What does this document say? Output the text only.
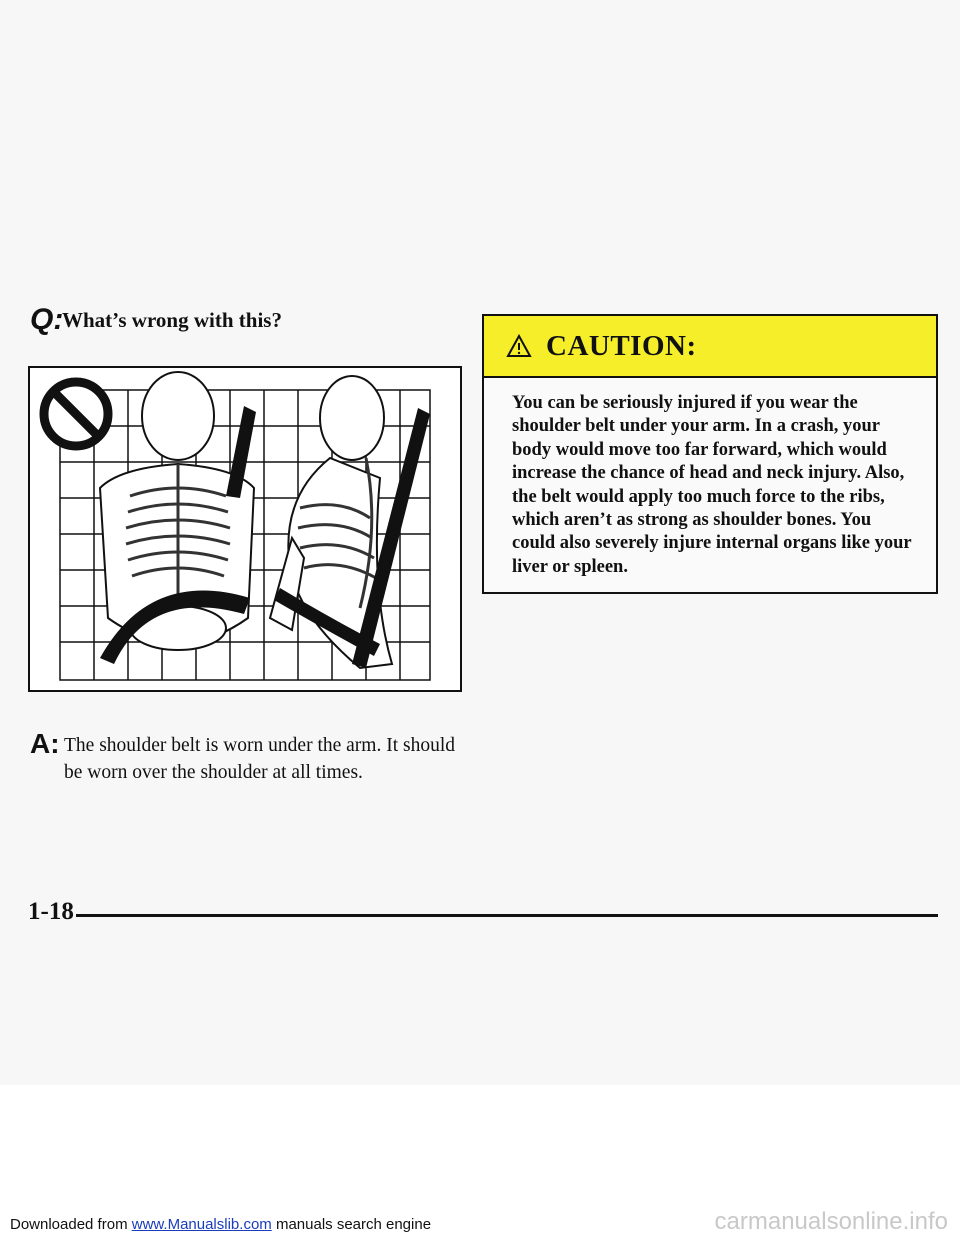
Q:
What’s wrong with this?
A: The shoulder belt is worn under the arm. It should be worn over the shoulder at all times.
CAUTION:
You can be seriously injured if you wear the shoulder belt under your arm. In a crash, your body would move too far forward, which would increase the chance of head and neck injury. Also, the belt would apply too much force to the ribs, which aren’t as strong as shoulder bones. You could also severely injure internal organs like your liver or spleen.
1-18
Downloaded from www.Manualslib.com manuals search engine	carmanualsonline.info
